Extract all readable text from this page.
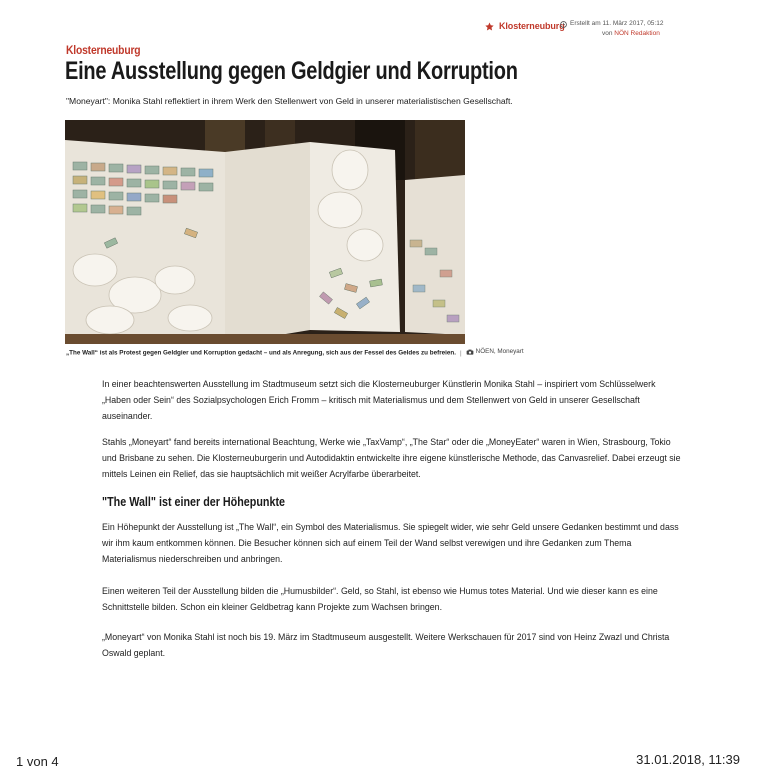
Klosterneuburg Erstellt am 11. März 2017, 05:12
von NÖN Redaktion
Klosterneuburg
Eine Ausstellung gegen Geldgier und Korruption
"Moneyart": Monika Stahl reflektiert in ihrem Werk den Stellenwert von Geld in unserer materialistischen Gesellschaft.
„The Wall“ ist als Protest gegen Geldgier und Korruption gedacht – und als Anregung, sich aus der Fessel des Geldes zu befreien. | NÖEN, Moneyart

In einer beachtenswerten Ausstellung im Stadtmuseum setzt sich die Klosterneuburger Künstlerin Monika Stahl – inspiriert vom Schlüsselwerk „Haben oder Sein“ des Sozialpsychologen Erich Fromm – kritisch mit Materialismus und dem Stellenwert von Geld in unserer Gesellschaft auseinander.

Stahls „Moneyart“ fand bereits international Beachtung, Werke wie „TaxVamp“, „The Star“ oder die „MoneyEater“ waren in Wien, Strasbourg, Tokio und Brisbane zu sehen. Die Klosterneuburgerin und Autodidaktin entwickelte ihre eigene künstlerische Methode, das Canvasrelief. Dabei erzeugt sie mittels Leinen ein Relief, das sie hauptsächlich mit weißer Acrylfarbe überarbeitet.

"The Wall" ist einer der Höhepunkte

Ein Höhepunkt der Ausstellung ist „The Wall“, ein Symbol des Materialismus. Sie spiegelt wider, wie sehr Geld unsere Gedanken bestimmt und dass wir ihm kaum entkommen können. Die Besucher können sich auf einem Teil der Wand selbst verewigen und ihre Gedanken zum Thema Materialismus niederschreiben und anbringen.

Einen weiteren Teil der Ausstellung bilden die „Humusbilder“. Geld, so Stahl, ist ebenso wie Humus totes Material. Und wie dieser kann es eine Schnittstelle bilden. Schon ein kleiner Geldbetrag kann Projekte zum Wachsen bringen.

„Moneyart“ von Monika Stahl ist noch bis 19. März im Stadtmuseum ausgestellt. Weitere Werkschauen für 2017 sind von Heinz Zwazl und Christa Oswald geplant.

1 von 4	31.01.2018, 11:39
